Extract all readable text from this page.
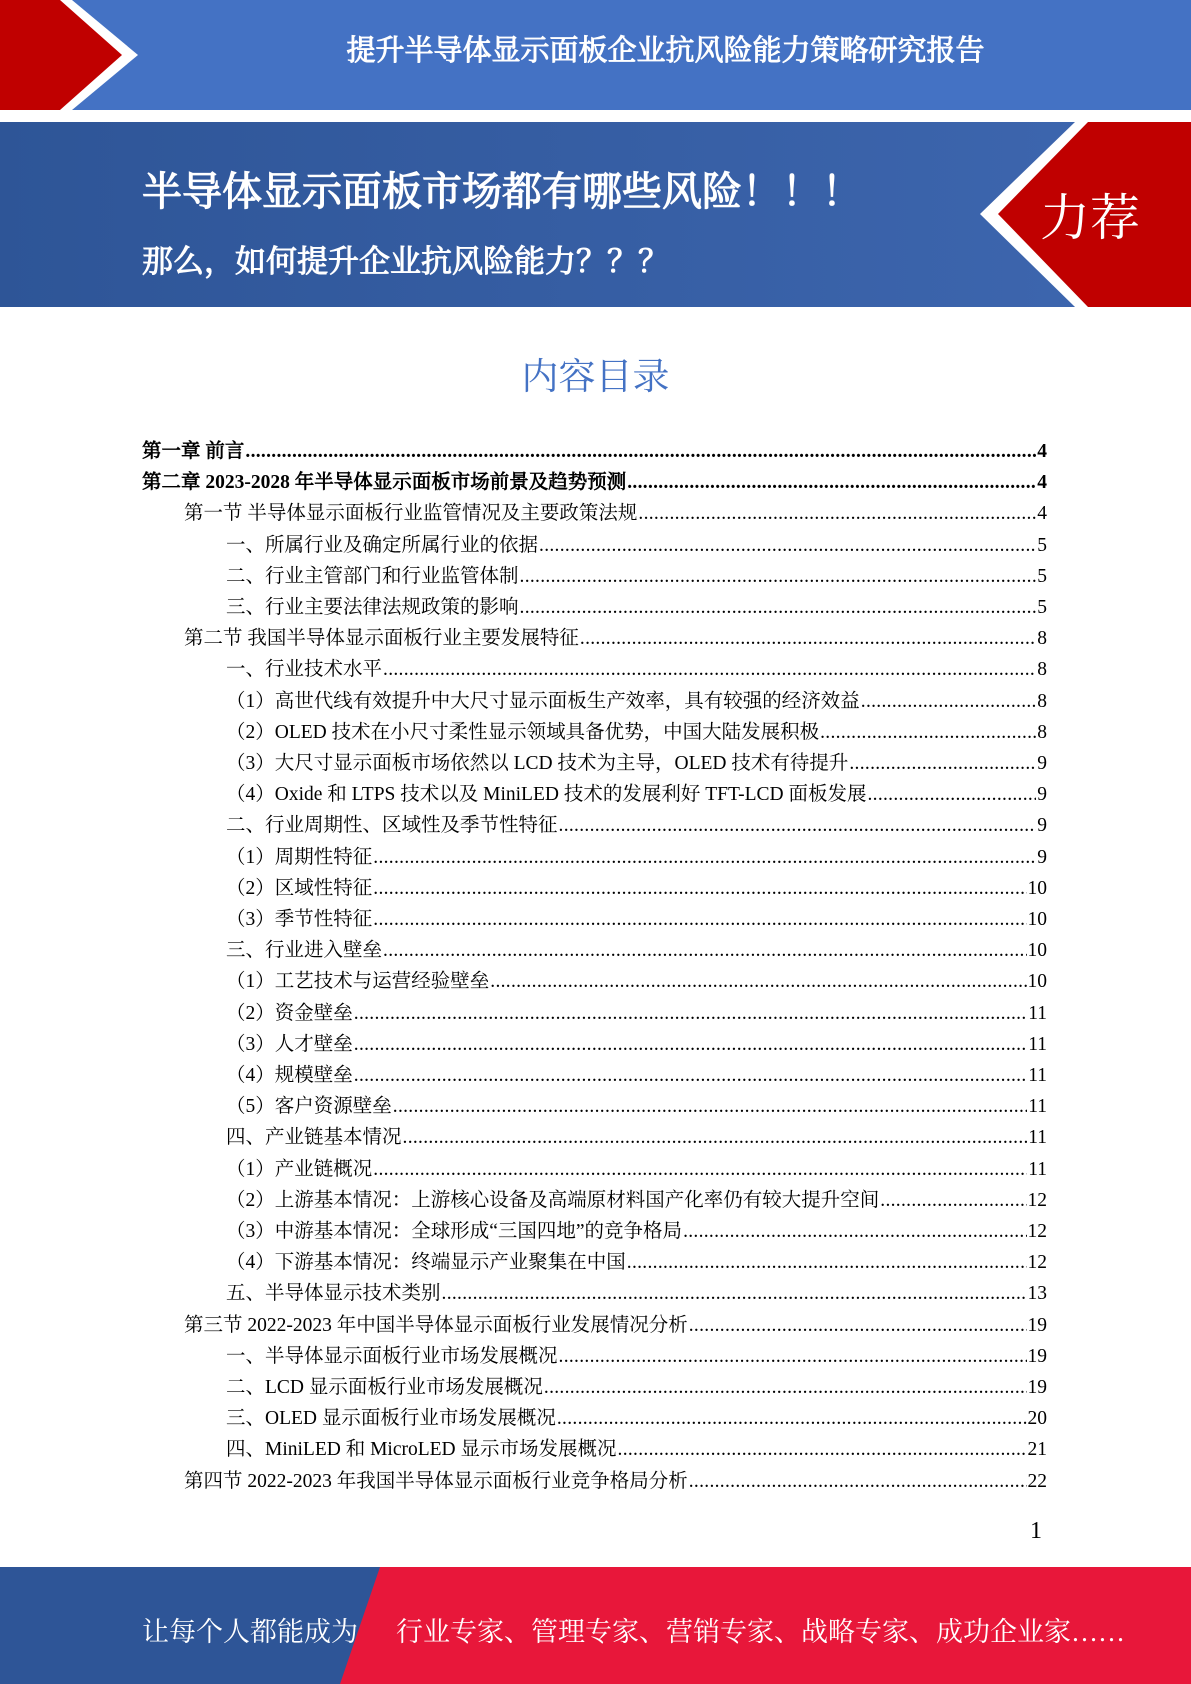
提升半导体显示面板企业抗风险能力策略研究报告
半导体显示面板市场都有哪些风险！！！
那么，如何提升企业抗风险能力？？？
力荐
内容目录
第一章 前言 .....	4
第二章 2023-2028 年半导体显示面板市场前景及趋势预测 .....	4
第一节 半导体显示面板行业监管情况及主要政策法规 .....	4
一、所属行业及确定所属行业的依据 .....	5
二、行业主管部门和行业监管体制 .....	5
三、行业主要法律法规政策的影响 .....	5
第二节 我国半导体显示面板行业主要发展特征 .....	8
一、行业技术水平 .....	8
（1）高世代线有效提升中大尺寸显示面板生产效率，具有较强的经济效益 .....	8
（2）OLED 技术在小尺寸柔性显示领域具备优势，中国大陆发展积极 .....	8
（3）大尺寸显示面板市场依然以 LCD 技术为主导，OLED 技术有待提升 .....	9
（4）Oxide 和 LTPS 技术以及 MiniLED 技术的发展利好 TFT-LCD 面板发展 .....	9
二、行业周期性、区域性及季节性特征 .....	9
（1）周期性特征 .....	9
（2）区域性特征 .....	10
（3）季节性特征 .....	10
三、行业进入壁垒 .....	10
（1）工艺技术与运营经验壁垒 .....	10
（2）资金壁垒 .....	11
（3）人才壁垒 .....	11
（4）规模壁垒 .....	11
（5）客户资源壁垒 .....	11
四、产业链基本情况 .....	11
（1）产业链概况 .....	11
（2）上游基本情况：上游核心设备及高端原材料国产化率仍有较大提升空间 .....	12
（3）中游基本情况：全球形成“三国四地”的竞争格局 .....	12
（4）下游基本情况：终端显示产业聚集在中国 .....	12
五、半导体显示技术类别 .....	13
第三节 2022-2023 年中国半导体显示面板行业发展情况分析 .....	19
一、半导体显示面板行业市场发展概况 .....	19
二、LCD 显示面板行业市场发展概况 .....	19
三、OLED 显示面板行业市场发展概况 .....	20
四、MiniLED 和 MicroLED 显示市场发展概况 .....	21
第四节 2022-2023 年我国半导体显示面板行业竞争格局分析 .....	22
1
让每个人都能成为 行业专家、管理专家、营销专家、战略专家、成功企业家……
